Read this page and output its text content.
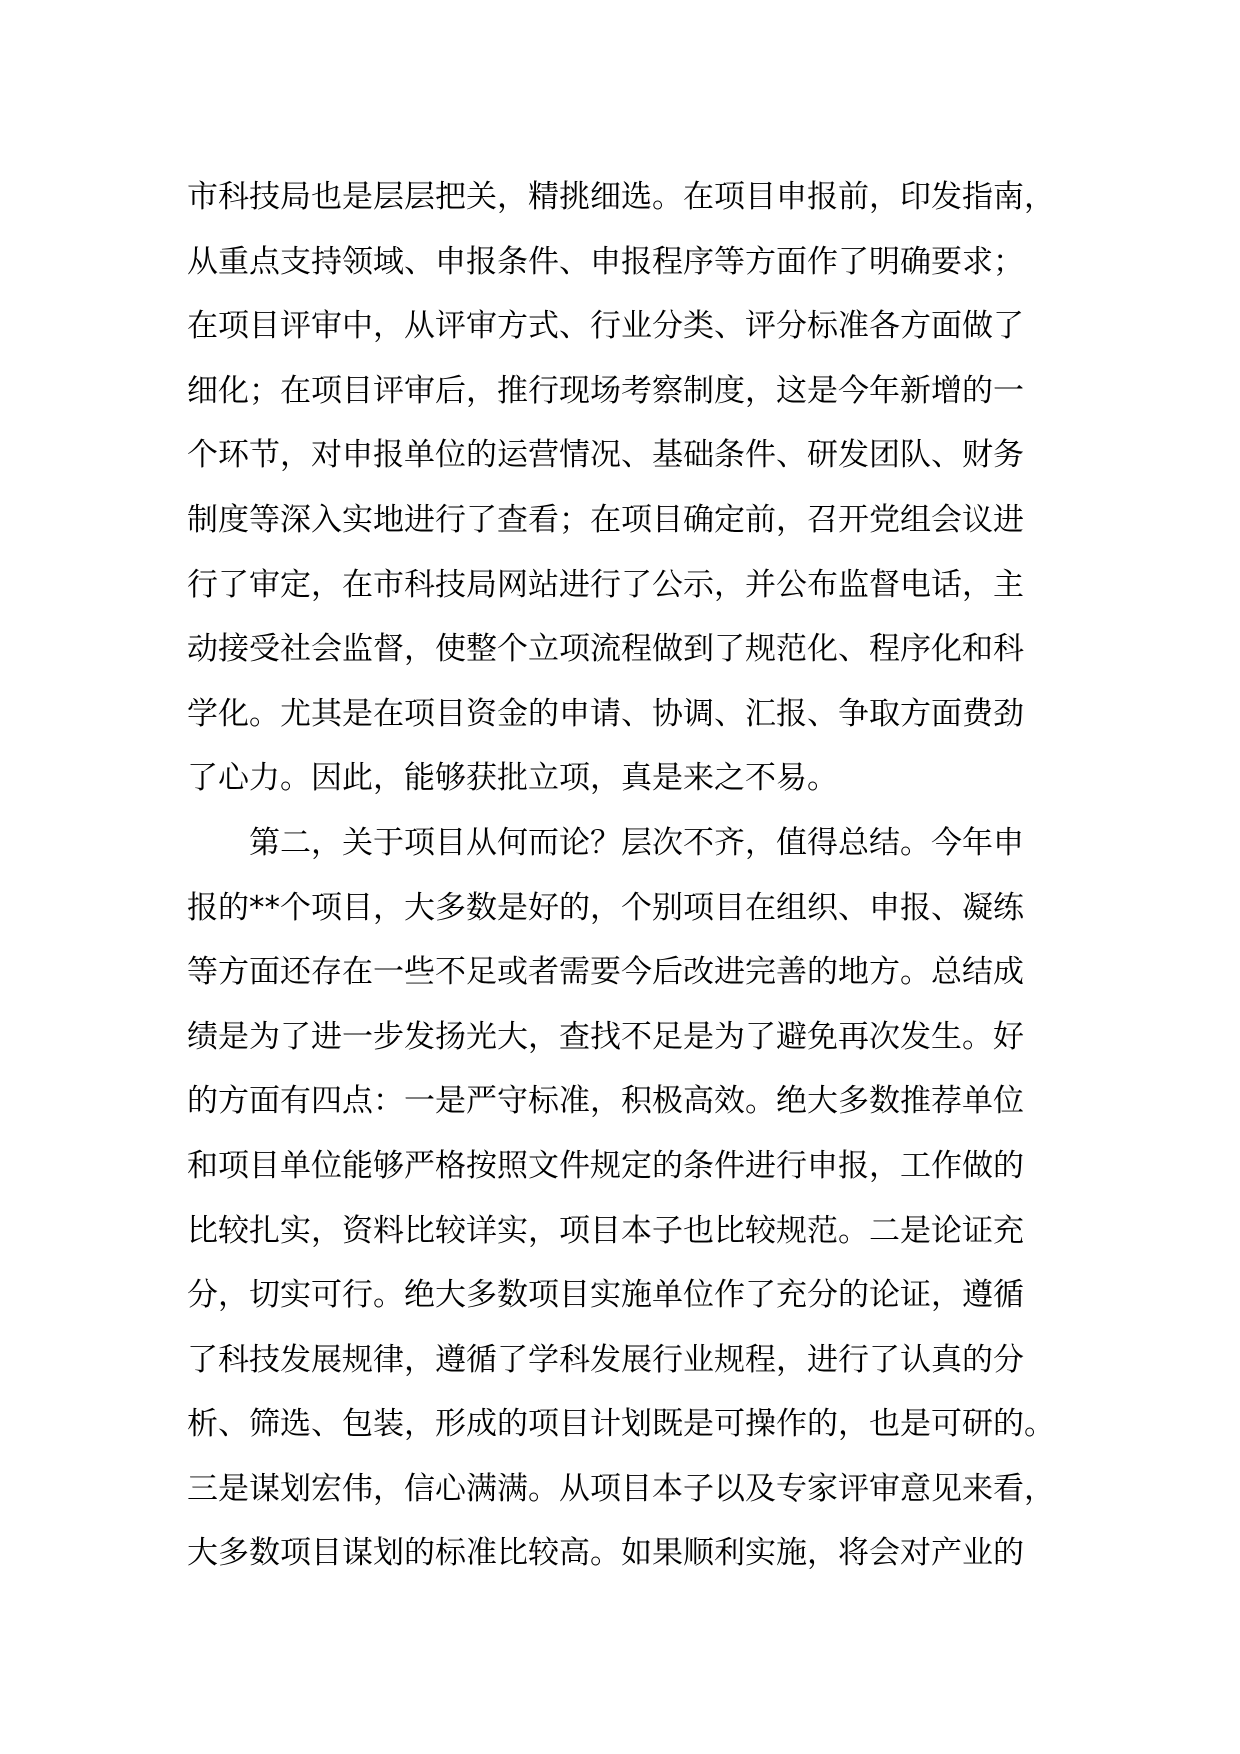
市科技局也是层层把关，精挑细选。在项目申报前，印发指南，
从重点支持领域、申报条件、申报程序等方面作了明确要求；
在项目评审中，从评审方式、行业分类、评分标准各方面做了
细化；在项目评审后，推行现场考察制度，这是今年新增的一
个环节，对申报单位的运营情况、基础条件、研发团队、财务
制度等深入实地进行了查看；在项目确定前，召开党组会议进
行了审定，在市科技局网站进行了公示，并公布监督电话，主
动接受社会监督，使整个立项流程做到了规范化、程序化和科
学化。尤其是在项目资金的申请、协调、汇报、争取方面费劲
了心力。因此，能够获批立项，真是来之不易。
第二，关于项目从何而论？层次不齐，值得总结。今年申
报的**个项目，大多数是好的，个别项目在组织、申报、凝练
等方面还存在一些不足或者需要今后改进完善的地方。总结成
绩是为了进一步发扬光大，查找不足是为了避免再次发生。好
的方面有四点：一是严守标准，积极高效。绝大多数推荐单位
和项目单位能够严格按照文件规定的条件进行申报，工作做的
比较扎实，资料比较详实，项目本子也比较规范。二是论证充
分，切实可行。绝大多数项目实施单位作了充分的论证，遵循
了科技发展规律，遵循了学科发展行业规程，进行了认真的分
析、筛选、包装，形成的项目计划既是可操作的，也是可研的。
三是谋划宏伟，信心满满。从项目本子以及专家评审意见来看，
大多数项目谋划的标准比较高。如果顺利实施，将会对产业的
